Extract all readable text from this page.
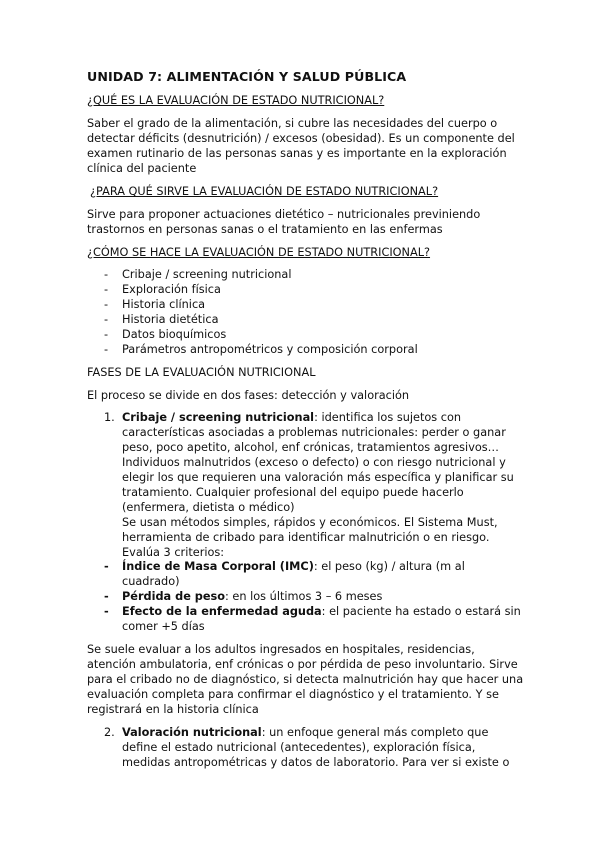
UNIDAD 7: ALIMENTACIÓN Y SALUD PÚBLICA
¿QUÉ ES LA EVALUACIÓN DE ESTADO NUTRICIONAL?
Saber el grado de la alimentación, si cubre las necesidades del cuerpo o
detectar déficits (desnutrición) / excesos (obesidad). Es un componente del
examen rutinario de las personas sanas y es importante en la exploración
clínica del paciente
¿PARA QUÉ SIRVE LA EVALUACIÓN DE ESTADO NUTRICIONAL?
Sirve para proponer actuaciones dietético – nutricionales previniendo
trastornos en personas sanas o el tratamiento en las enfermas
¿CÓMO SE HACE LA EVALUACIÓN DE ESTADO NUTRICIONAL?
- Cribaje / screening nutricional
- Exploración física
- Historia clínica
- Historia dietética
- Datos bioquímicos
- Parámetros antropométricos y composición corporal
FASES DE LA EVALUACIÓN NUTRICIONAL
El proceso se divide en dos fases: detección y valoración
1. Cribaje / screening nutricional: identifica los sujetos con
características asociadas a problemas nutricionales: perder o ganar
peso, poco apetito, alcohol, enf crónicas, tratamientos agresivos…
Individuos malnutridos (exceso o defecto) o con riesgo nutricional y
elegir los que requieren una valoración más específica y planificar su
tratamiento. Cualquier profesional del equipo puede hacerlo
(enfermera, dietista o médico)
Se usan métodos simples, rápidos y económicos. El Sistema Must,
herramienta de cribado para identificar malnutrición o en riesgo.
Evalúa 3 criterios:
- Índice de Masa Corporal (IMC): el peso (kg) / altura (m al
cuadrado)
- Pérdida de peso: en los últimos 3 – 6 meses
- Efecto de la enfermedad aguda: el paciente ha estado o estará sin
comer +5 días
Se suele evaluar a los adultos ingresados en hospitales, residencias,
atención ambulatoria, enf crónicas o por pérdida de peso involuntario. Sirve
para el cribado no de diagnóstico, si detecta malnutrición hay que hacer una
evaluación completa para confirmar el diagnóstico y el tratamiento. Y se
registrará en la historia clínica
2. Valoración nutricional: un enfoque general más completo que
define el estado nutricional (antecedentes), exploración física,
medidas antropométricas y datos de laboratorio. Para ver si existe o
